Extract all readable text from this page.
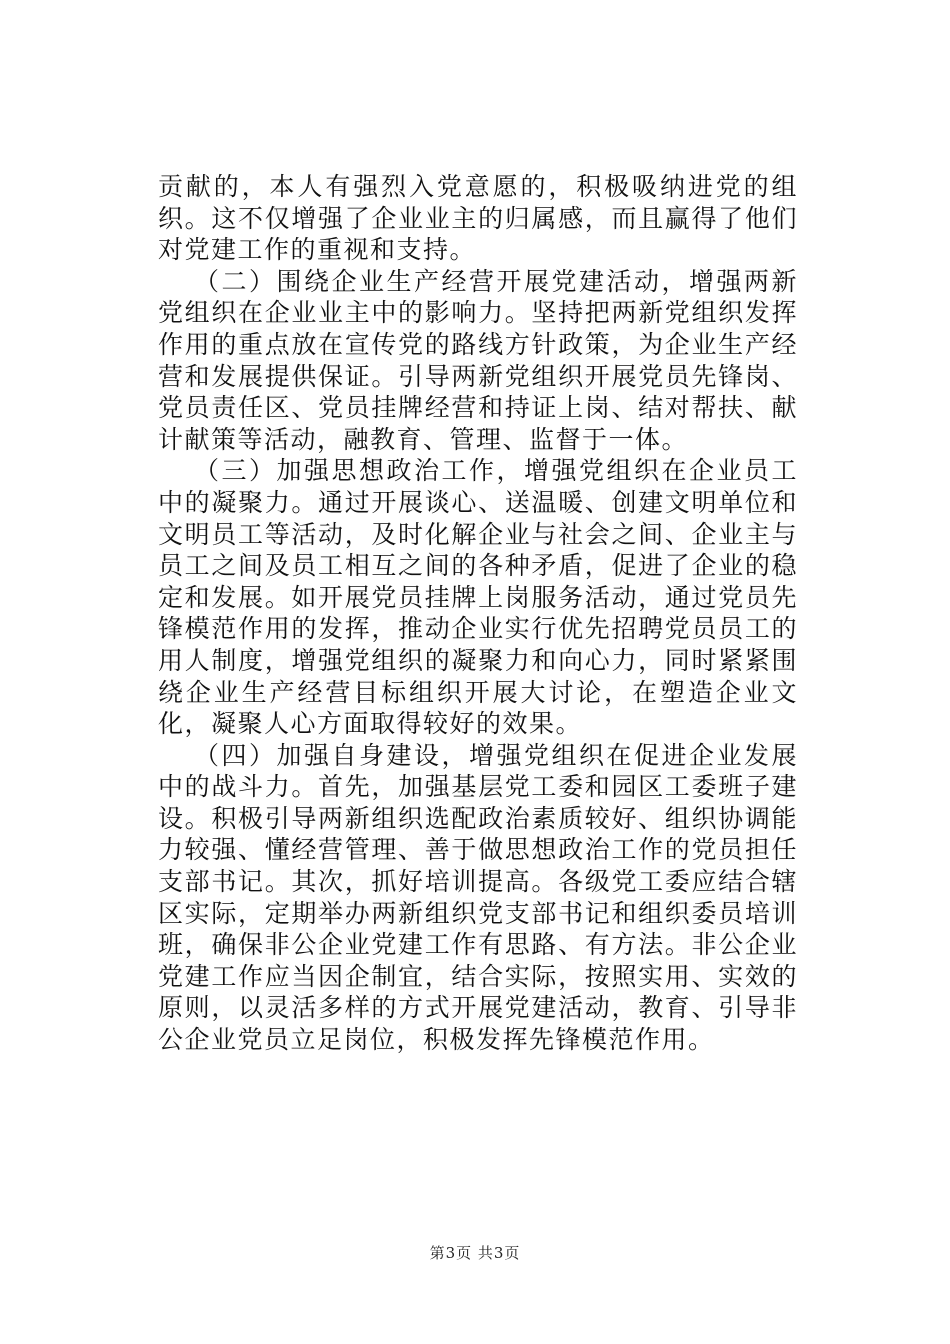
贡献的，本人有强烈入党意愿的，积极吸纳进党的组织。这不仅增强了企业业主的归属感，而且赢得了他们对党建工作的重视和支持。

（二）围绕企业生产经营开展党建活动，增强两新党组织在企业业主中的影响力。坚持把两新党组织发挥作用的重点放在宣传党的路线方针政策，为企业生产经营和发展提供保证。引导两新党组织开展党员先锋岗、党员责任区、党员挂牌经营和持证上岗、结对帮扶、献计献策等活动，融教育、管理、监督于一体。

（三）加强思想政治工作，增强党组织在企业员工中的凝聚力。通过开展谈心、送温暖、创建文明单位和文明员工等活动，及时化解企业与社会之间、企业主与员工之间及员工相互之间的各种矛盾，促进了企业的稳定和发展。如开展党员挂牌上岗服务活动，通过党员先锋模范作用的发挥，推动企业实行优先招聘党员员工的用人制度，增强党组织的凝聚力和向心力，同时紧紧围绕企业生产经营目标组织开展大讨论，在塑造企业文化，凝聚人心方面取得较好的效果。

（四）加强自身建设，增强党组织在促进企业发展中的战斗力。首先，加强基层党工委和园区工委班子建设。积极引导两新组织选配政治素质较好、组织协调能力较强、懂经营管理、善于做思想政治工作的党员担任支部书记。其次，抓好培训提高。各级党工委应结合辖区实际，定期举办两新组织党支部书记和组织委员培训班，确保非公企业党建工作有思路、有方法。非公企业党建工作应当因企制宜，结合实际，按照实用、实效的原则，以灵活多样的方式开展党建活动，教育、引导非公企业党员立足岗位，积极发挥先锋模范作用。

第3页 共3页
